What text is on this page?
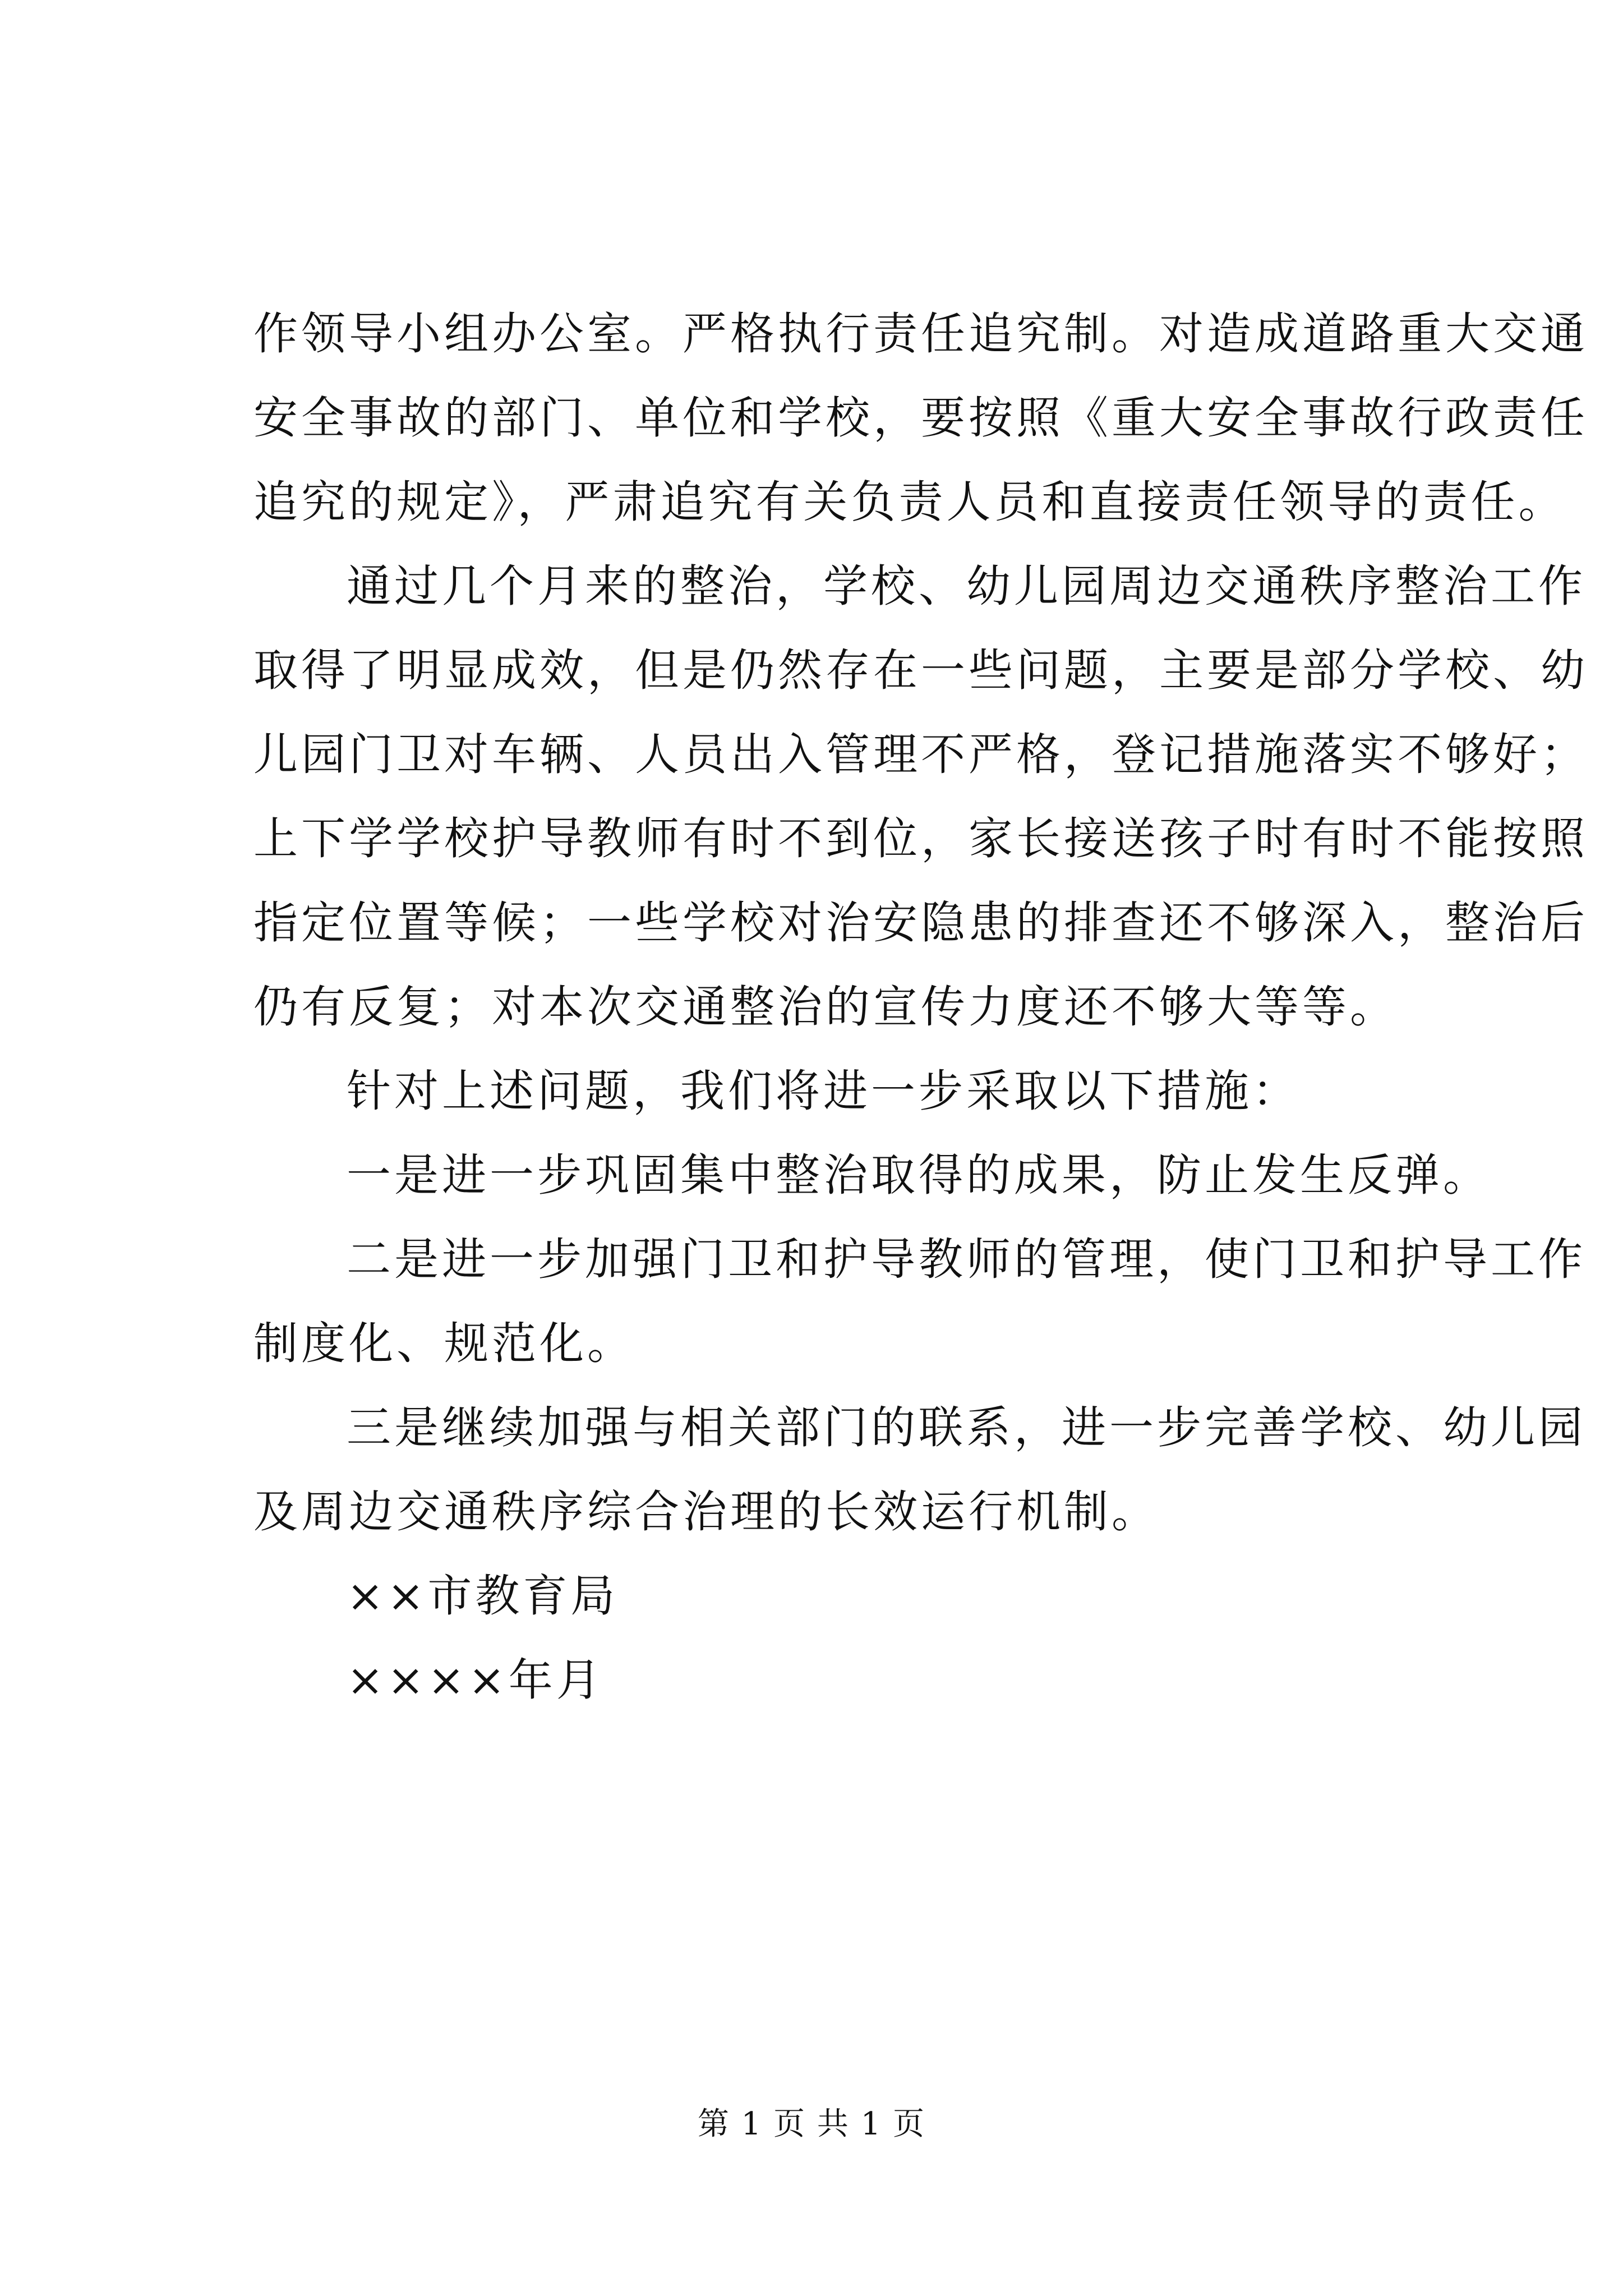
作领导小组办公室。严格执行责任追究制。对造成道路重大交通

安全事故的部门、单位和学校，要按照《重大安全事故行政责任

追究的规定》，严肃追究有关负责人员和直接责任领导的责任。

通过几个月来的整治，学校、幼儿园周边交通秩序整治工作

取得了明显成效，但是仍然存在一些问题，主要是部分学校、幼

儿园门卫对车辆、人员出入管理不严格，登记措施落实不够好；

上下学学校护导教师有时不到位，家长接送孩子时有时不能按照

指定位置等候；一些学校对治安隐患的排查还不够深入，整治后

仍有反复；对本次交通整治的宣传力度还不够大等等。

针对上述问题，我们将进一步采取以下措施：

一是进一步巩固集中整治取得的成果，防止发生反弹。

二是进一步加强门卫和护导教师的管理，使门卫和护导工作

制度化、规范化。

三是继续加强与相关部门的联系，进一步完善学校、幼儿园

及周边交通秩序综合治理的长效运行机制。

××市教育局

××××年月

第 1 页 共 1 页
